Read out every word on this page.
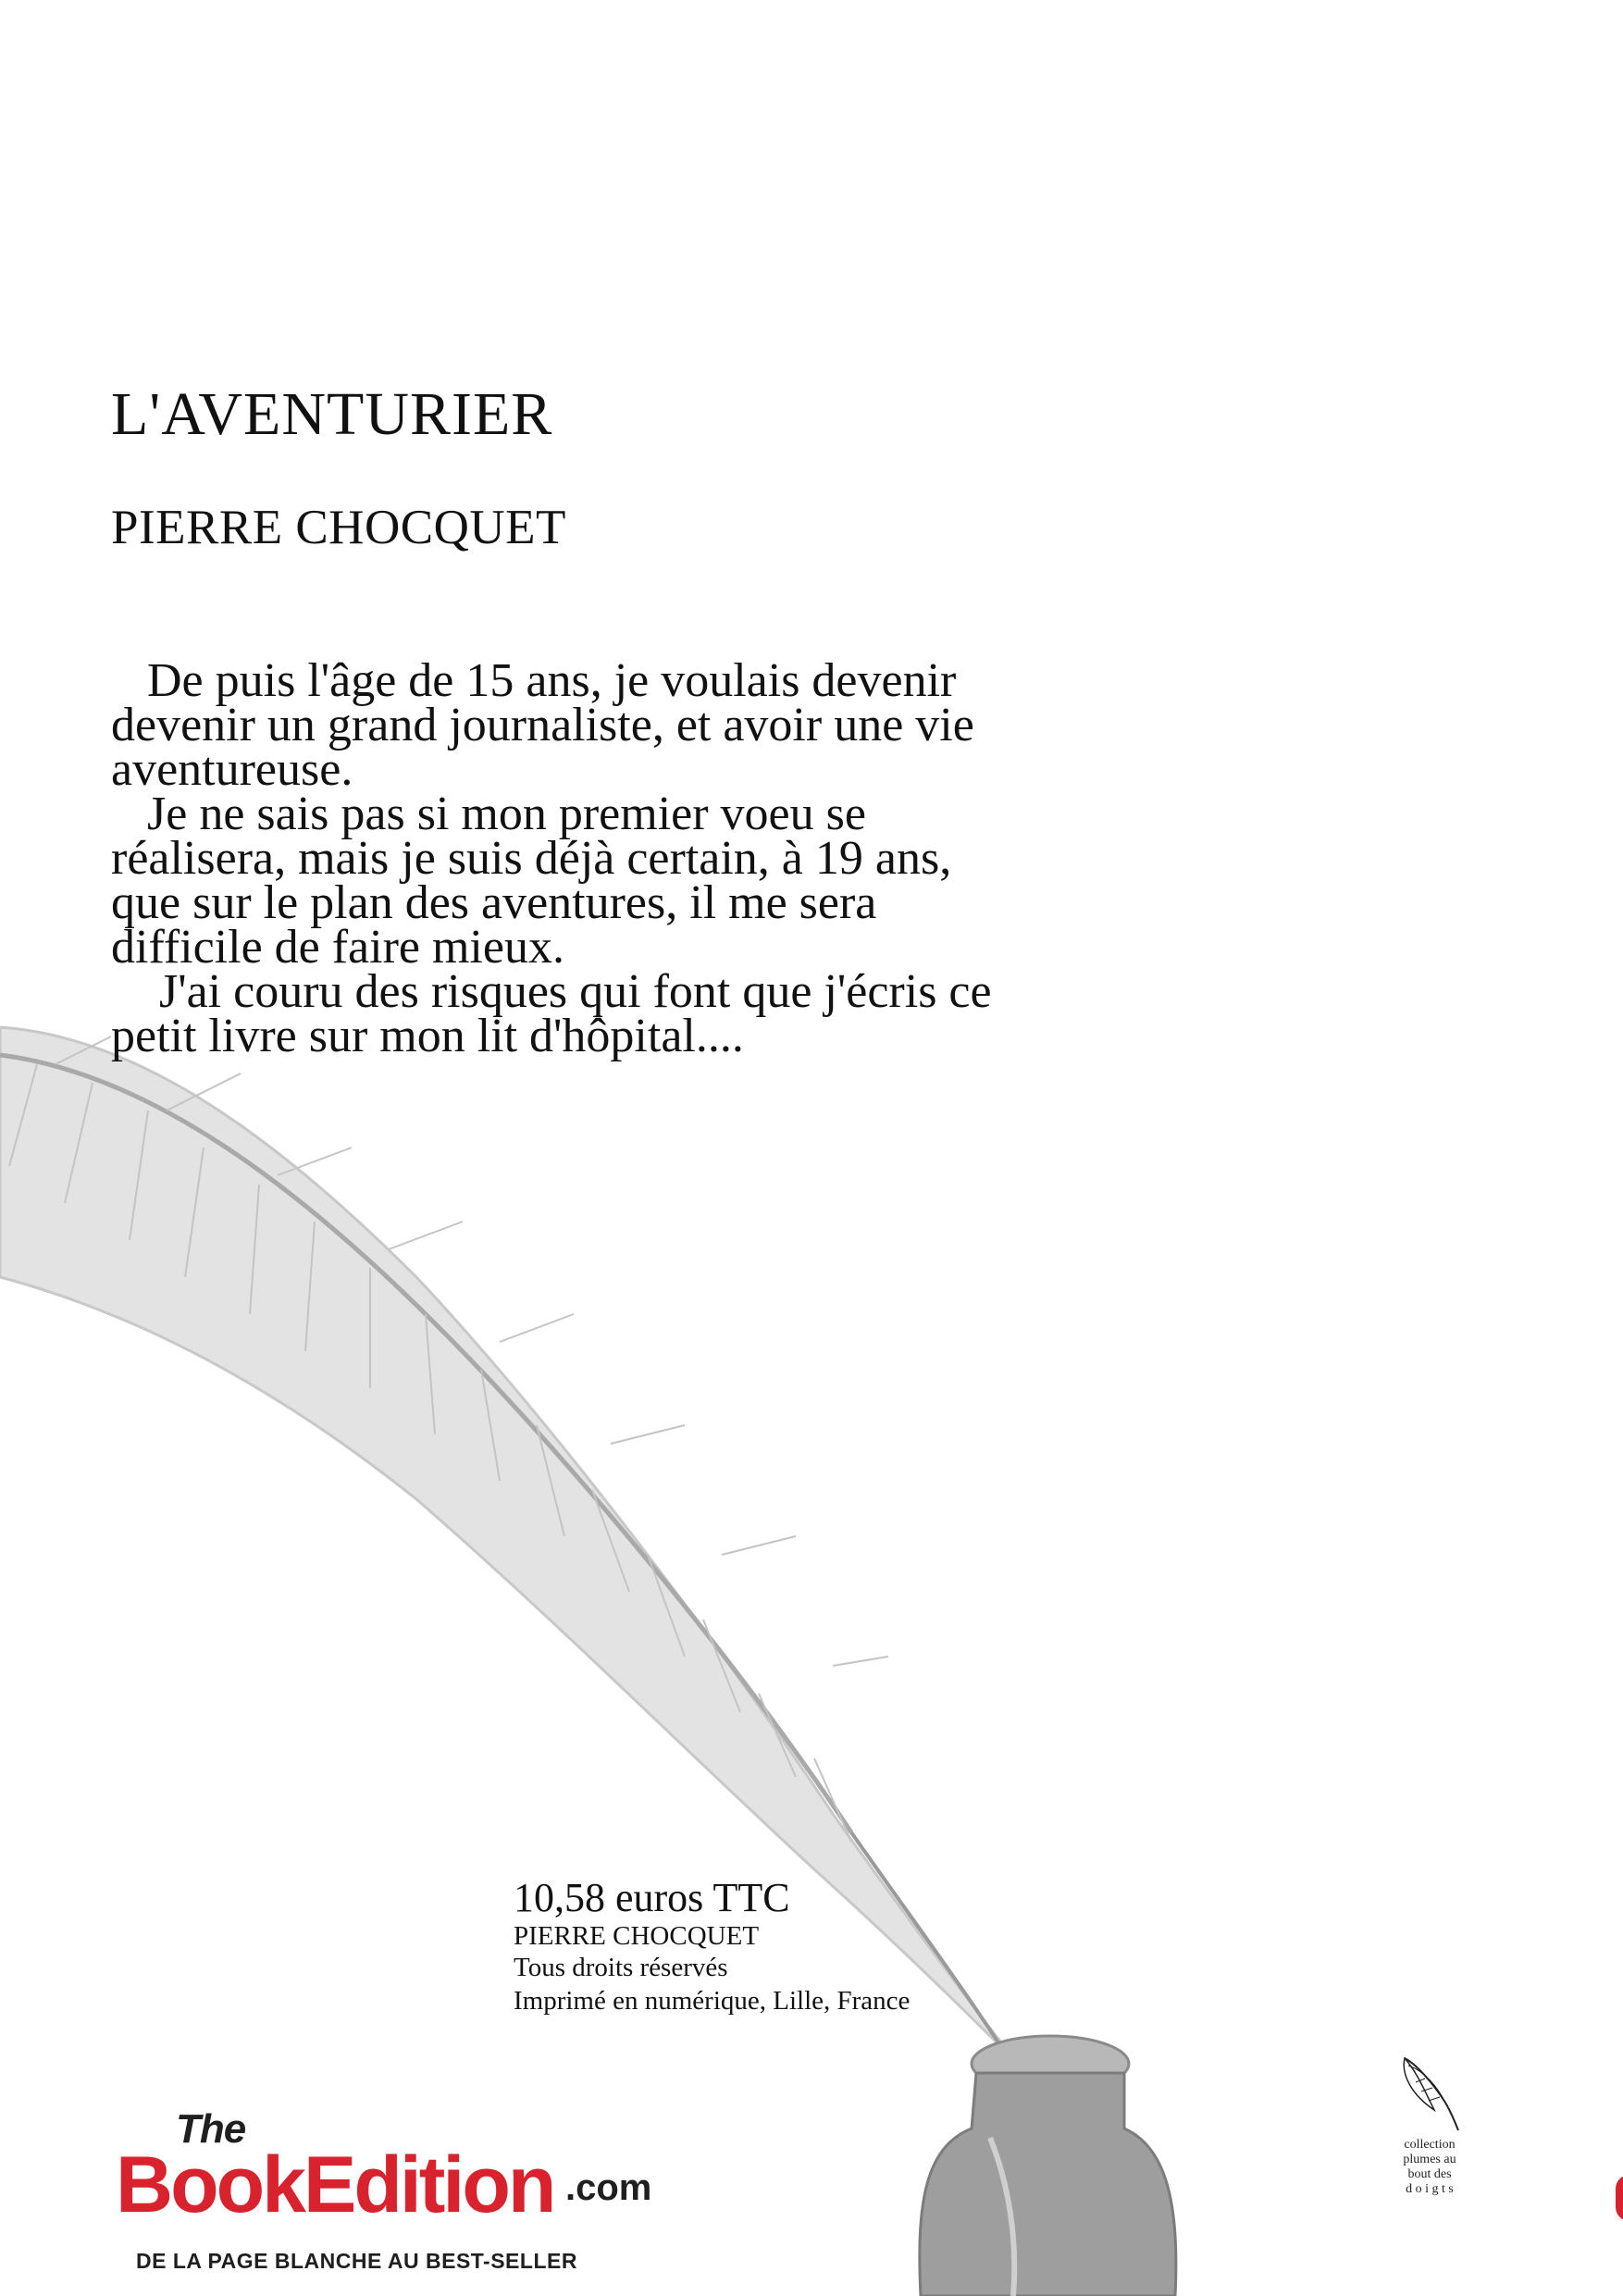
L'AVENTURIER
PIERRE CHOCQUET

De puis l'âge de 15 ans, je voulais devenir

devenir un grand journaliste, et avoir une vie

aventureuse.

Je ne sais pas si mon premier voeu se

réalisera, mais je suis déjà certain, à 19 ans,

que sur le plan des aventures, il me sera

difficile de faire mieux.

J'ai couru des risques qui font que j'écris ce

petit livre sur mon lit d'hôpital....

10,58 euros TTC
PIERRE CHOCQUET
Tous droits réservés
Imprimé en numérique, Lille, France
The
BookEdition .com
DE LA PAGE BLANCHE AU BEST-SELLER
collection
plumes au
bout des
d o i g t s
